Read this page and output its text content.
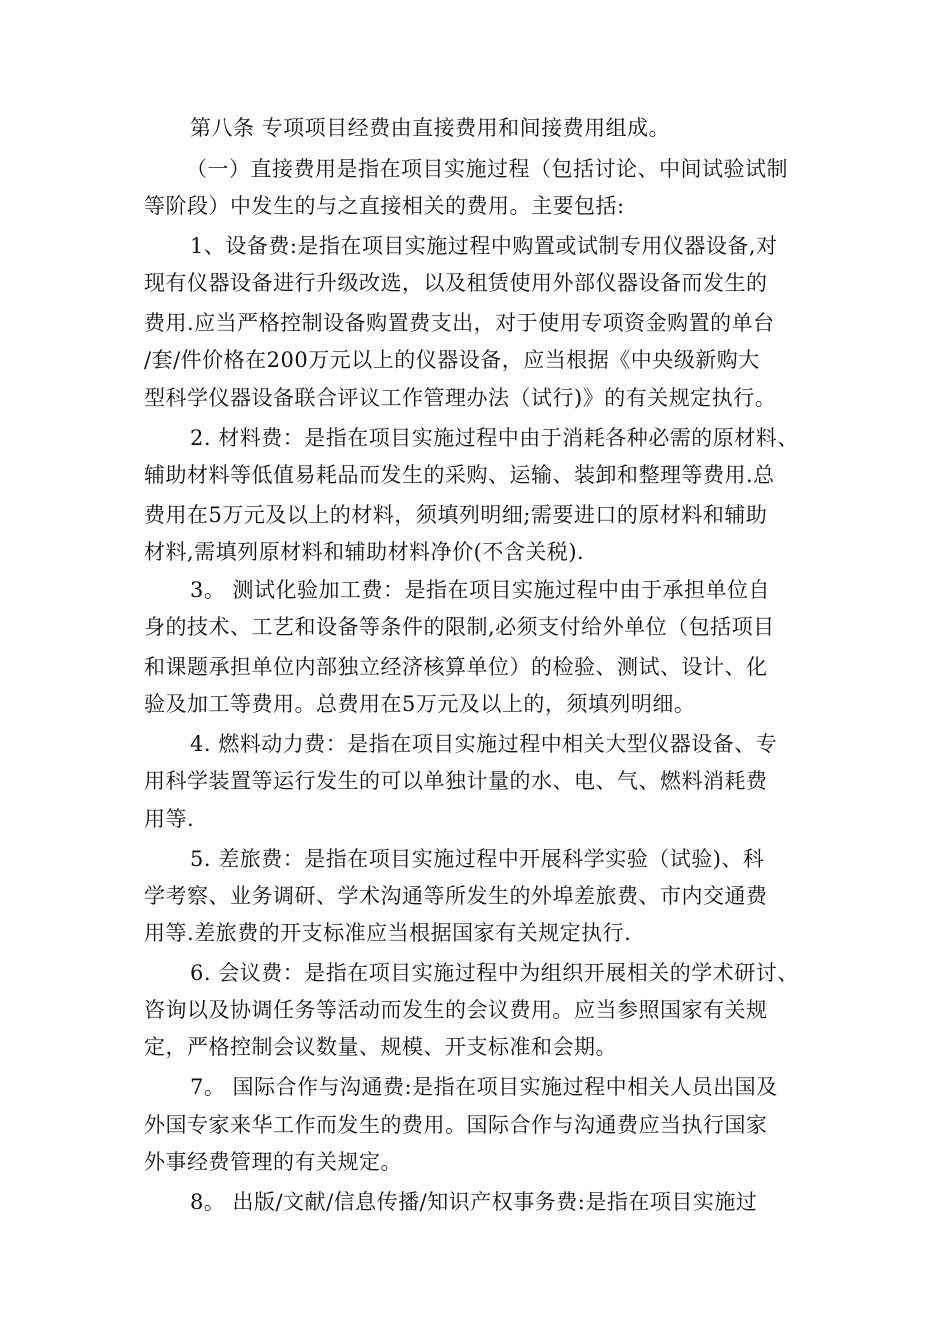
第八条 专项项目经费由直接费用和间接费用组成。
（一）直接费用是指在项目实施过程（包括讨论、中间试验试制
等阶段）中发生的与之直接相关的费用。主要包括:
1、设备费:是指在项目实施过程中购置或试制专用仪器设备,对
现有仪器设备进行升级改选，以及租赁使用外部仪器设备而发生的
费用.应当严格控制设备购置费支出，对于使用专项资金购置的单台
/套/件价格在200万元以上的仪器设备，应当根据《中央级新购大
型科学仪器设备联合评议工作管理办法（试行)》的有关规定执行。
2. 材料费：是指在项目实施过程中由于消耗各种必需的原材料、
辅助材料等低值易耗品而发生的采购、运输、装卸和整理等费用.总
费用在5万元及以上的材料，须填列明细;需要进口的原材料和辅助
材料,需填列原材料和辅助材料净价(不含关税).
3。 测试化验加工费：是指在项目实施过程中由于承担单位自
身的技术、工艺和设备等条件的限制,必须支付给外单位（包括项目
和课题承担单位内部独立经济核算单位）的检验、测试、设计、化
验及加工等费用。总费用在5万元及以上的，须填列明细。
4. 燃料动力费：是指在项目实施过程中相关大型仪器设备、专
用科学装置等运行发生的可以单独计量的水、电、气、燃料消耗费
用等.
5. 差旅费：是指在项目实施过程中开展科学实验（试验)、科
学考察、业务调研、学术沟通等所发生的外埠差旅费、市内交通费
用等.差旅费的开支标准应当根据国家有关规定执行.
6. 会议费：是指在项目实施过程中为组织开展相关的学术研讨、
咨询以及协调任务等活动而发生的会议费用。应当参照国家有关规
定，严格控制会议数量、规模、开支标准和会期。
7。 国际合作与沟通费:是指在项目实施过程中相关人员出国及
外国专家来华工作而发生的费用。国际合作与沟通费应当执行国家
外事经费管理的有关规定。
8。 出版/文献/信息传播/知识产权事务费:是指在项目实施过
